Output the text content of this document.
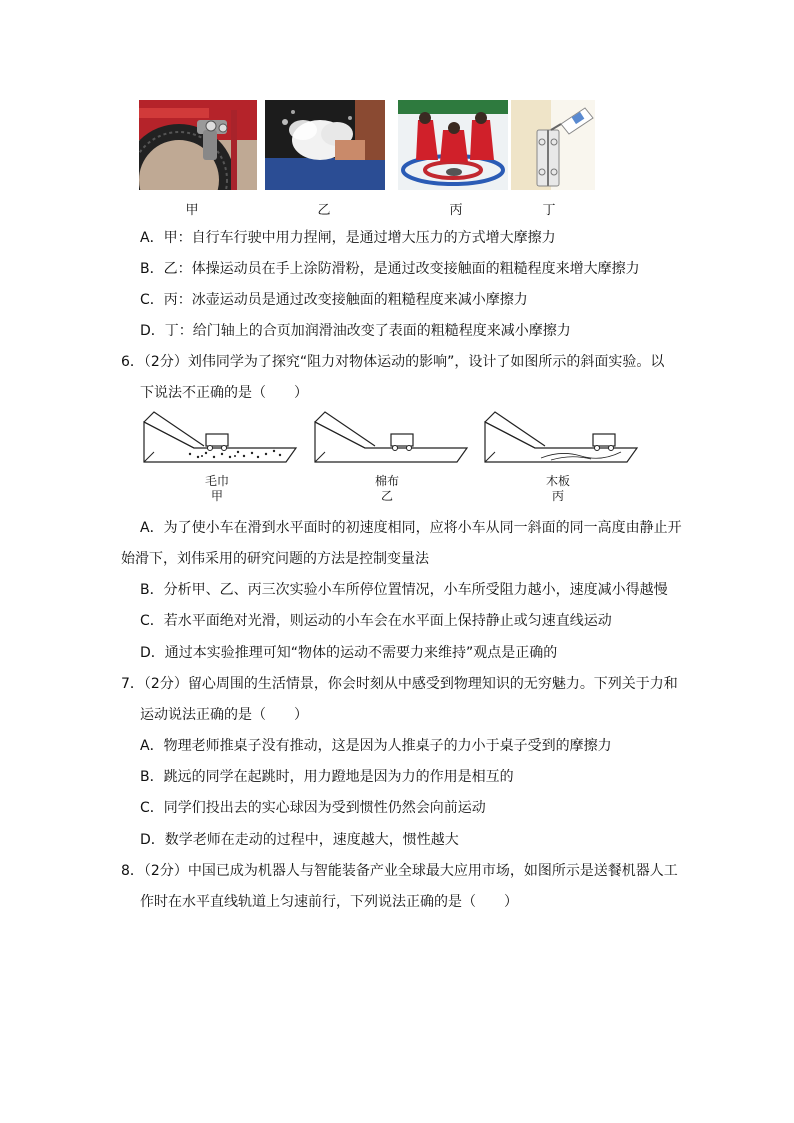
甲	乙	丙	丁
A．甲：自行车行驶中用力捏闸，是通过增大压力的方式增大摩擦力
B．乙：体操运动员在手上涂防滑粉，是通过改变接触面的粗糙程度来增大摩擦力
C．丙：冰壶运动员是通过改变接触面的粗糙程度来减小摩擦力
D．丁：给门轴上的合页加润滑油改变了表面的粗糙程度来减小摩擦力
6．（2分）刘伟同学为了探究“阻力对物体运动的影响”，设计了如图所示的斜面实验。以
下说法不正确的是（　　）
毛巾
甲
棉布
乙
木板
丙
A．为了使小车在滑到水平面时的初速度相同，应将小车从同一斜面的同一高度由静止开
始滑下，刘伟采用的研究问题的方法是控制变量法
B．分析甲、乙、丙三次实验小车所停位置情况，小车所受阻力越小，速度减小得越慢
C．若水平面绝对光滑，则运动的小车会在水平面上保持静止或匀速直线运动
D．通过本实验推理可知“物体的运动不需要力来维持”观点是正确的
7．（2分）留心周围的生活情景，你会时刻从中感受到物理知识的无穷魅力。下列关于力和
运动说法正确的是（　　）
A．物理老师推桌子没有推动，这是因为人推桌子的力小于桌子受到的摩擦力
B．跳远的同学在起跳时，用力蹬地是因为力的作用是相互的
C．同学们投出去的实心球因为受到惯性仍然会向前运动
D．数学老师在走动的过程中，速度越大，惯性越大
8．（2分）中国已成为机器人与智能装备产业全球最大应用市场，如图所示是送餐机器人工
作时在水平直线轨道上匀速前行，下列说法正确的是（　　）
